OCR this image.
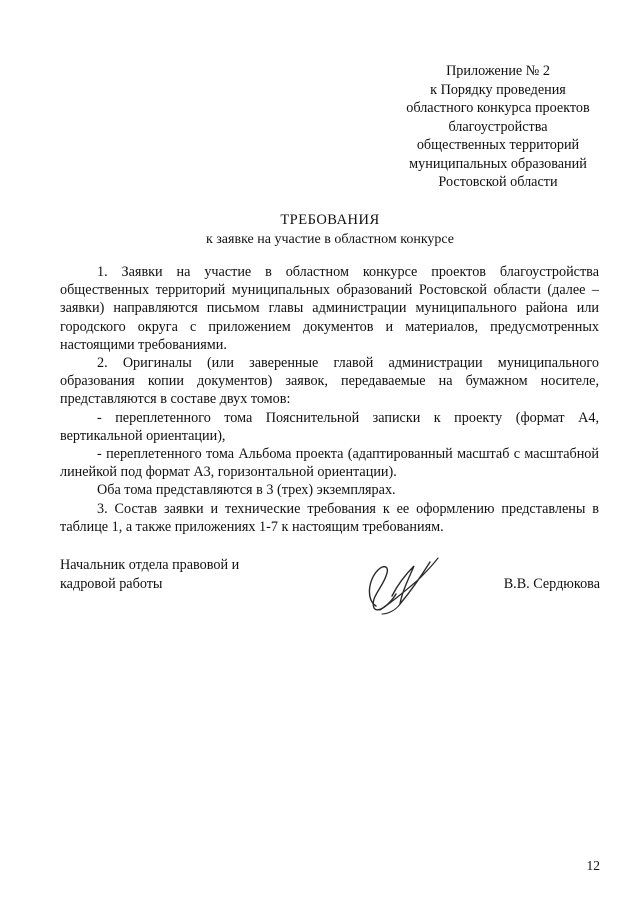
Приложение № 2
к Порядку проведения
областного конкурса проектов
благоустройства
общественных территорий
муниципальных образований
Ростовской области
ТРЕБОВАНИЯ
к заявке на участие в областном конкурсе

1. Заявки на участие в областном конкурсе проектов благоустройства общественных территорий муниципальных образований Ростовской области (далее – заявки) направляются письмом главы администрации муниципального района или городского округа с приложением документов и материалов, предусмотренных настоящими требованиями.

2. Оригиналы (или заверенные главой администрации муниципального образования копии документов) заявок, передаваемые на бумажном носителе, представляются в составе двух томов:

- переплетенного тома Пояснительной записки к проекту (формат А4, вертикальной ориентации),

- переплетенного тома Альбома проекта (адаптированный масштаб с масштабной линейкой под формат А3, горизонтальной ориентации).

Оба тома представляются в 3 (трех) экземплярах.

3. Состав заявки и технические требования к ее оформлению представлены в таблице 1, а также приложениях 1-7 к настоящим требованиям.

Начальник отдела правовой и кадровой работы	В.В. Сердюкова
12
